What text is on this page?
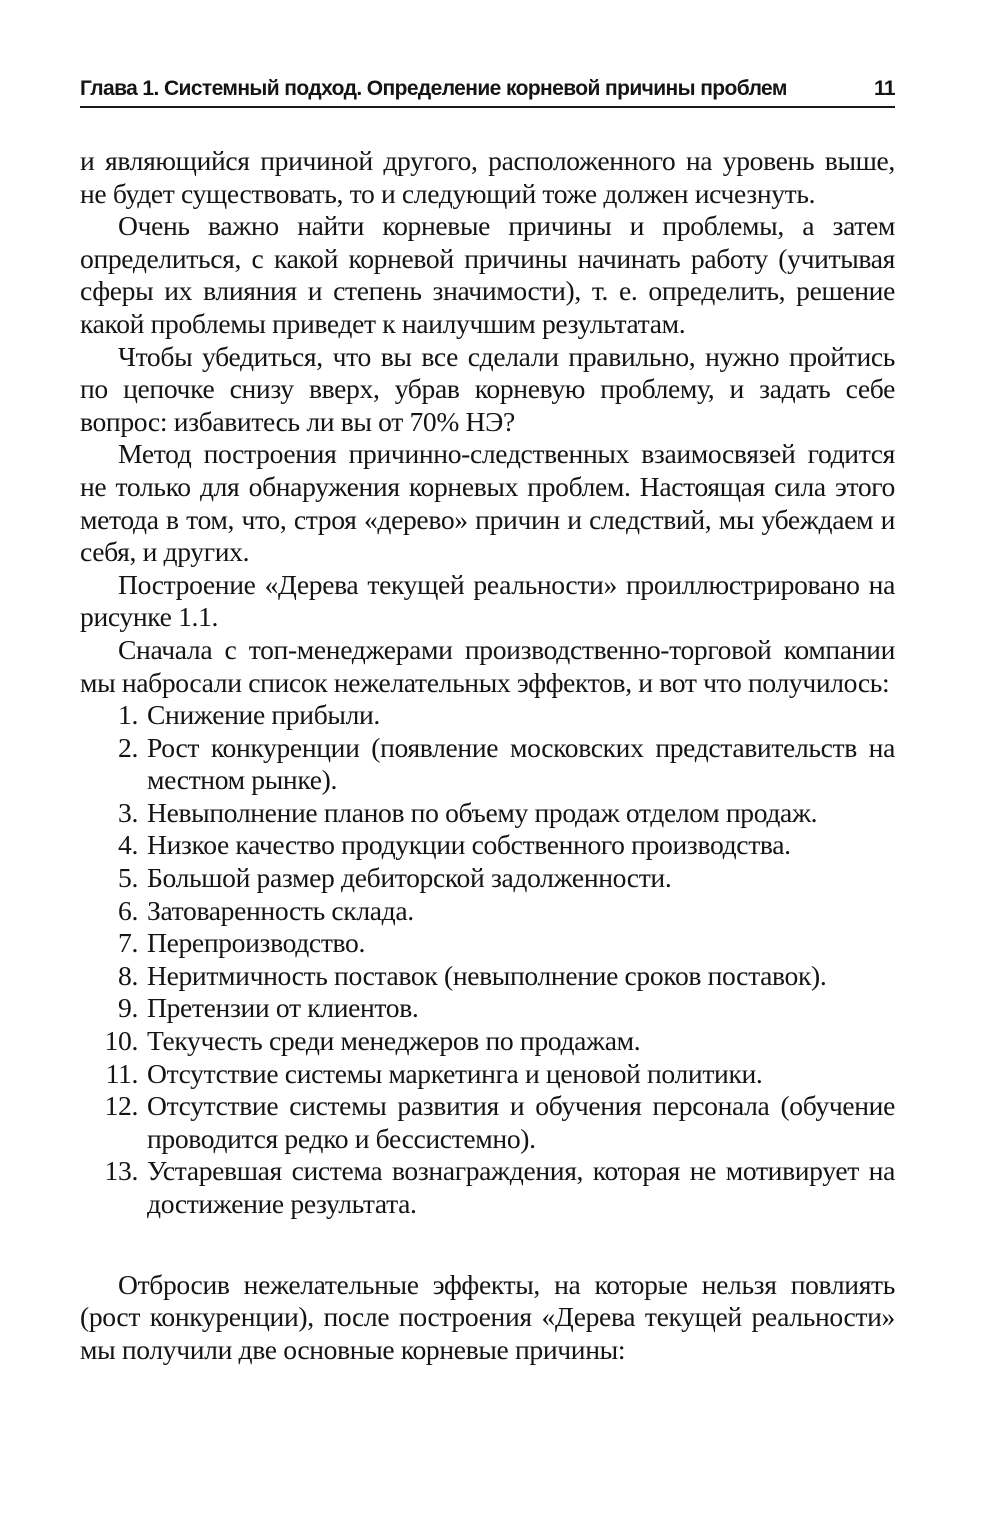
Глава 1. Системный подход. Определение корневой причины проблем	11

и являющийся причиной другого, расположенного на уровень выше, не будет существовать, то и следующий тоже должен исчезнуть.

Очень важно найти корневые причины и проблемы, а затем определиться, с какой корневой причины начинать работу (учитывая сферы их влияния и степень значимости), т. е. определить, решение какой проблемы приведет к наилучшим результатам.

Чтобы убедиться, что вы все сделали правильно, нужно пройтись по цепочке снизу вверх, убрав корневую проблему, и задать себе вопрос: избавитесь ли вы от 70% НЭ?

Метод построения причинно-следственных взаимосвязей годится не только для обнаружения корневых проблем. Настоящая сила этого метода в том, что, строя «дерево» причин и следствий, мы убеждаем и себя, и других.

Построение «Дерева текущей реальности» проиллюстрировано на рисунке 1.1.

Сначала с топ-менеджерами производственно-торговой компании мы набросали список нежелательных эффектов, и вот что получилось:

1. Снижение прибыли.
2. Рост конкуренции (появление московских представительств на местном рынке).
3. Невыполнение планов по объему продаж отделом продаж.
4. Низкое качество продукции собственного производства.
5. Большой размер дебиторской задолженности.
6. Затоваренность склада.
7. Перепроизводство.
8. Неритмичность поставок (невыполнение сроков поставок).
9. Претензии от клиентов.
10. Текучесть среди менеджеров по продажам.
11. Отсутствие системы маркетинга и ценовой политики.
12. Отсутствие системы развития и обучения персонала (обучение проводится редко и бессистемно).
13. Устаревшая система вознаграждения, которая не мотивирует на достижение результата.

Отбросив нежелательные эффекты, на которые нельзя повлиять (рост конкуренции), после построения «Дерева текущей реальности» мы получили две основные корневые причины:
